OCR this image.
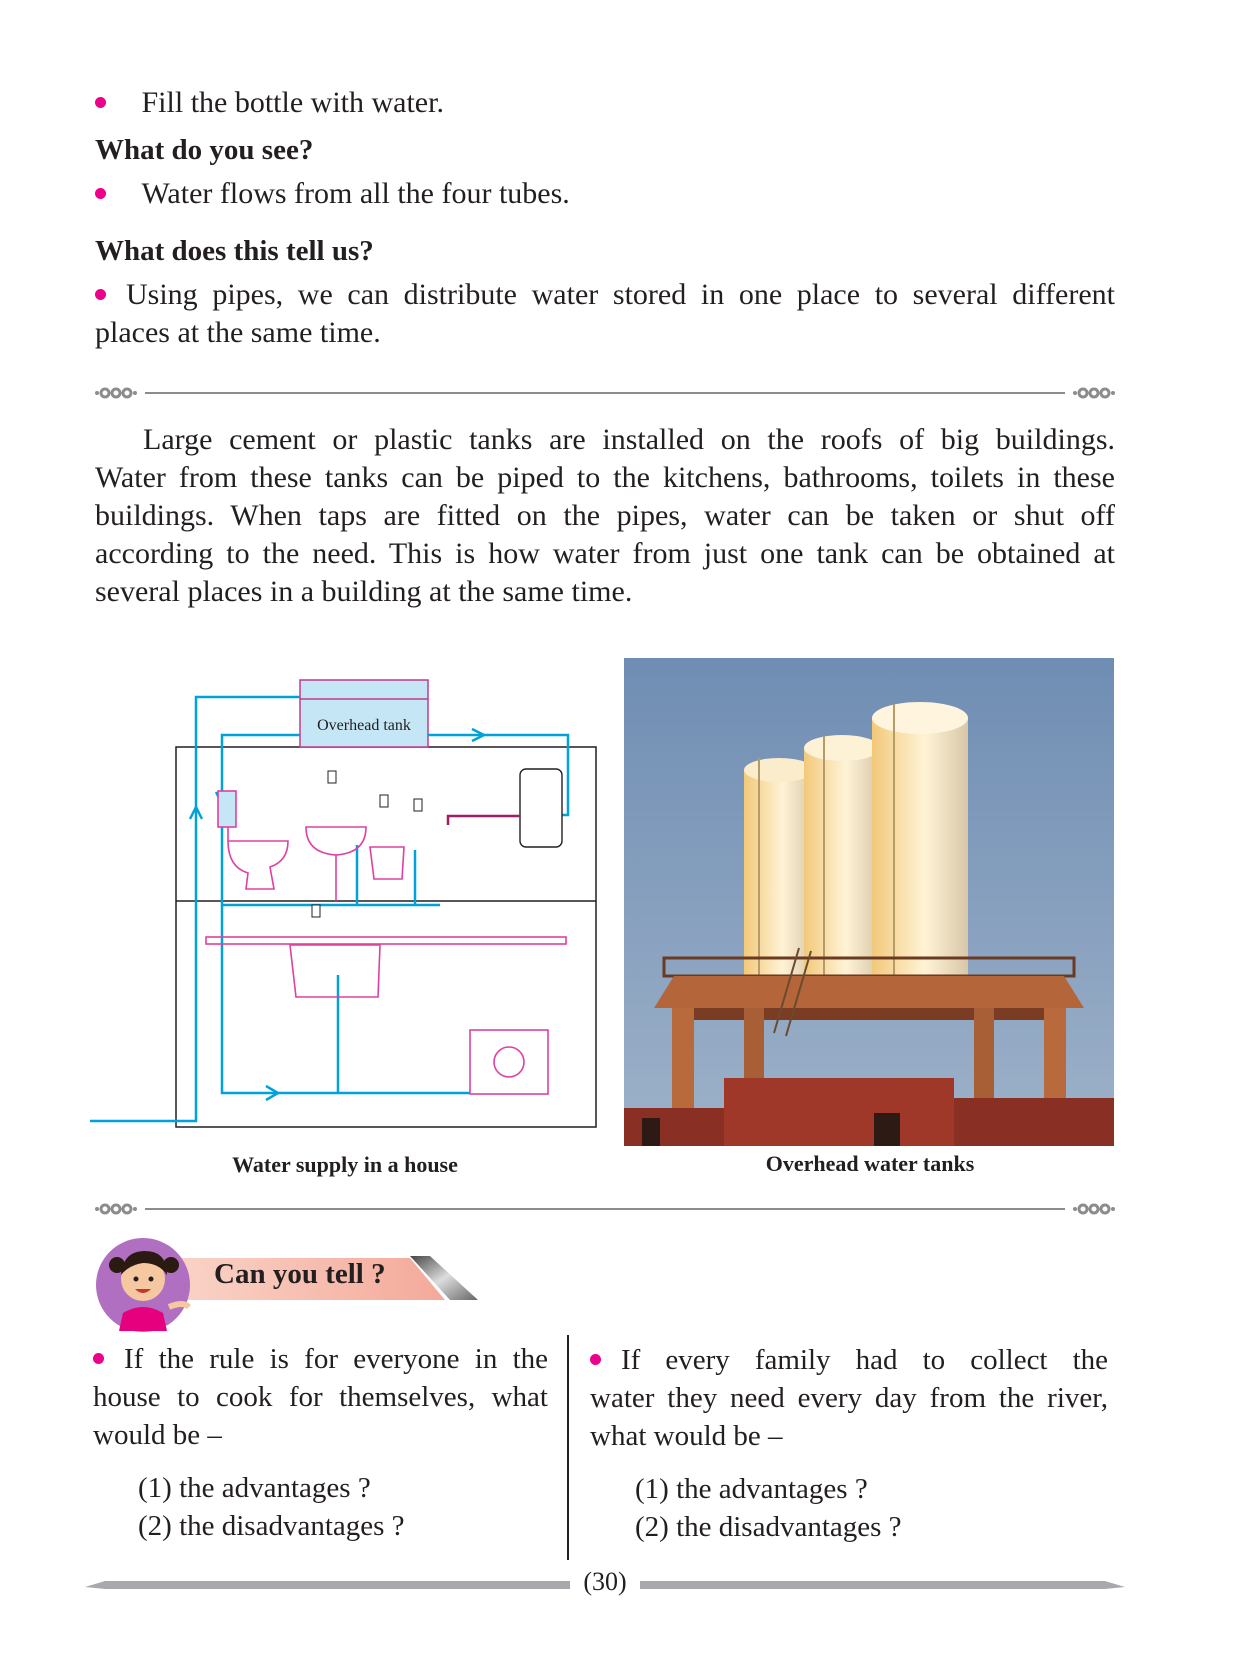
Fill the bottle with water.
What do you see?
Water flows from all the four tubes.
What does this tell us?
Using pipes, we can distribute water stored in one place to several different
places at the same time.
Large cement or plastic tanks are installed on the roofs of big buildings.
Water from these tanks can be piped to the kitchens, bathrooms, toilets in these
buildings. When taps are fitted on the pipes, water can be taken or shut off
according to the need. This is how water from just one tank can be obtained at
several places in a building at the same time.
Overhead tank
Water supply in a house	Overhead water tanks
Can you tell ?
If the rule is for everyone in the
house to cook for themselves, what
would be –
(1) the advantages ?
(2) the disadvantages ?
If every family had to collect the
water they need every day from the river,
what would be –
(1) the advantages ?
(2) the disadvantages ?
(30)
